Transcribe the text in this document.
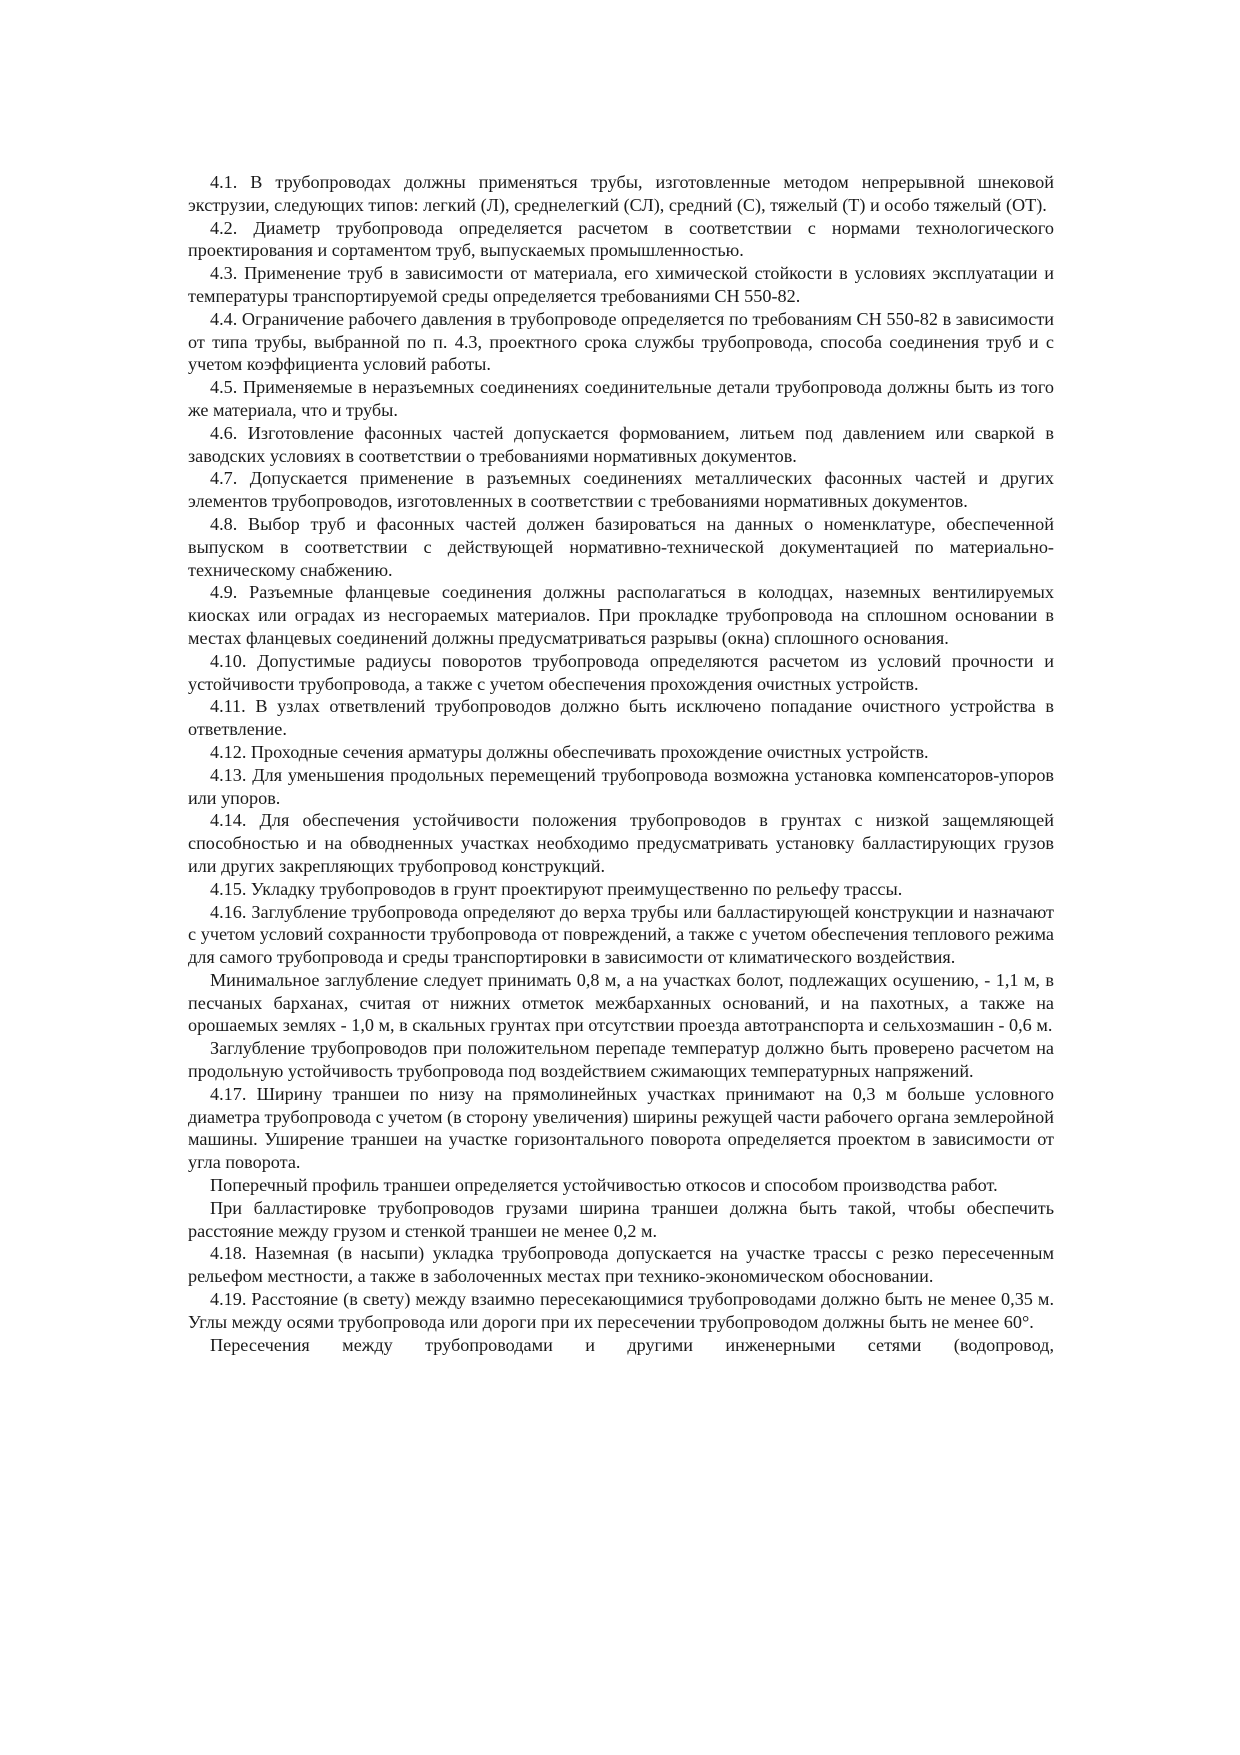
4.1. В трубопроводах должны применяться трубы, изготовленные методом непрерывной шнековой экструзии, следующих типов: легкий (Л), среднелегкий (СЛ), средний (С), тяжелый (Т) и особо тяжелый (ОТ).

4.2. Диаметр трубопровода определяется расчетом в соответствии с нормами технологического проектирования и сортаментом труб, выпускаемых промышленностью.

4.3. Применение труб в зависимости от материала, его химической стойкости в условиях эксплуатации и температуры транспортируемой среды определяется требованиями СН 550-82.

4.4. Ограничение рабочего давления в трубопроводе определяется по требованиям СН 550-82 в зависимости от типа трубы, выбранной по п. 4.3, проектного срока службы трубопровода, способа соединения труб и с учетом коэффициента условий работы.

4.5. Применяемые в неразъемных соединениях соединительные детали трубопровода должны быть из того же материала, что и трубы.

4.6. Изготовление фасонных частей допускается формованием, литьем под давлением или сваркой в заводских условиях в соответствии о требованиями нормативных документов.

4.7. Допускается применение в разъемных соединениях металлических фасонных частей и других элементов трубопроводов, изготовленных в соответствии с требованиями нормативных документов.

4.8. Выбор труб и фасонных частей должен базироваться на данных о номенклатуре, обеспеченной выпуском в соответствии с действующей нормативно-технической документацией по материально-техническому снабжению.

4.9. Разъемные фланцевые соединения должны располагаться в колодцах, наземных вентилируемых киосках или оградах из несгораемых материалов. При прокладке трубопровода на сплошном основании в местах фланцевых соединений должны предусматриваться разрывы (окна) сплошного основания.

4.10. Допустимые радиусы поворотов трубопровода определяются расчетом из условий прочности и устойчивости трубопровода, а также с учетом обеспечения прохождения очистных устройств.

4.11. В узлах ответвлений трубопроводов должно быть исключено попадание очистного устройства в ответвление.

4.12. Проходные сечения арматуры должны обеспечивать прохождение очистных устройств.

4.13. Для уменьшения продольных перемещений трубопровода возможна установка компенсаторов-упоров или упоров.

4.14. Для обеспечения устойчивости положения трубопроводов в грунтах с низкой защемляющей способностью и на обводненных участках необходимо предусматривать установку балластирующих грузов или других закрепляющих трубопровод конструкций.

4.15. Укладку трубопроводов в грунт проектируют преимущественно по рельефу трассы.

4.16. Заглубление трубопровода определяют до верха трубы или балластирующей конструкции и назначают с учетом условий сохранности трубопровода от повреждений, а также с учетом обеспечения теплового режима для самого трубопровода и среды транспортировки в зависимости от климатического воздействия.

Минимальное заглубление следует принимать 0,8 м, а на участках болот, подлежащих осушению, - 1,1 м, в песчаных барханах, считая от нижних отметок межбарханных оснований, и на пахотных, а также на орошаемых землях - 1,0 м, в скальных грунтах при отсутствии проезда автотранспорта и сельхозмашин - 0,6 м.

Заглубление трубопроводов при положительном перепаде температур должно быть проверено расчетом на продольную устойчивость трубопровода под воздействием сжимающих температурных напряжений.

4.17. Ширину траншеи по низу на прямолинейных участках принимают на 0,3 м больше условного диаметра трубопровода с учетом (в сторону увеличения) ширины режущей части рабочего органа землеройной машины. Уширение траншеи на участке горизонтального поворота определяется проектом в зависимости от угла поворота.

Поперечный профиль траншеи определяется устойчивостью откосов и способом производства работ.

При балластировке трубопроводов грузами ширина траншеи должна быть такой, чтобы обеспечить расстояние между грузом и стенкой траншеи не менее 0,2 м.

4.18. Наземная (в насыпи) укладка трубопровода допускается на участке трассы с резко пересеченным рельефом местности, а также в заболоченных местах при технико-экономическом обосновании.

4.19. Расстояние (в свету) между взаимно пересекающимися трубопроводами должно быть не менее 0,35 м. Углы между осями трубопровода или дороги при их пересечении трубопроводом должны быть не менее 60°.

Пересечения между трубопроводами и другими инженерными сетями (водопровод,
